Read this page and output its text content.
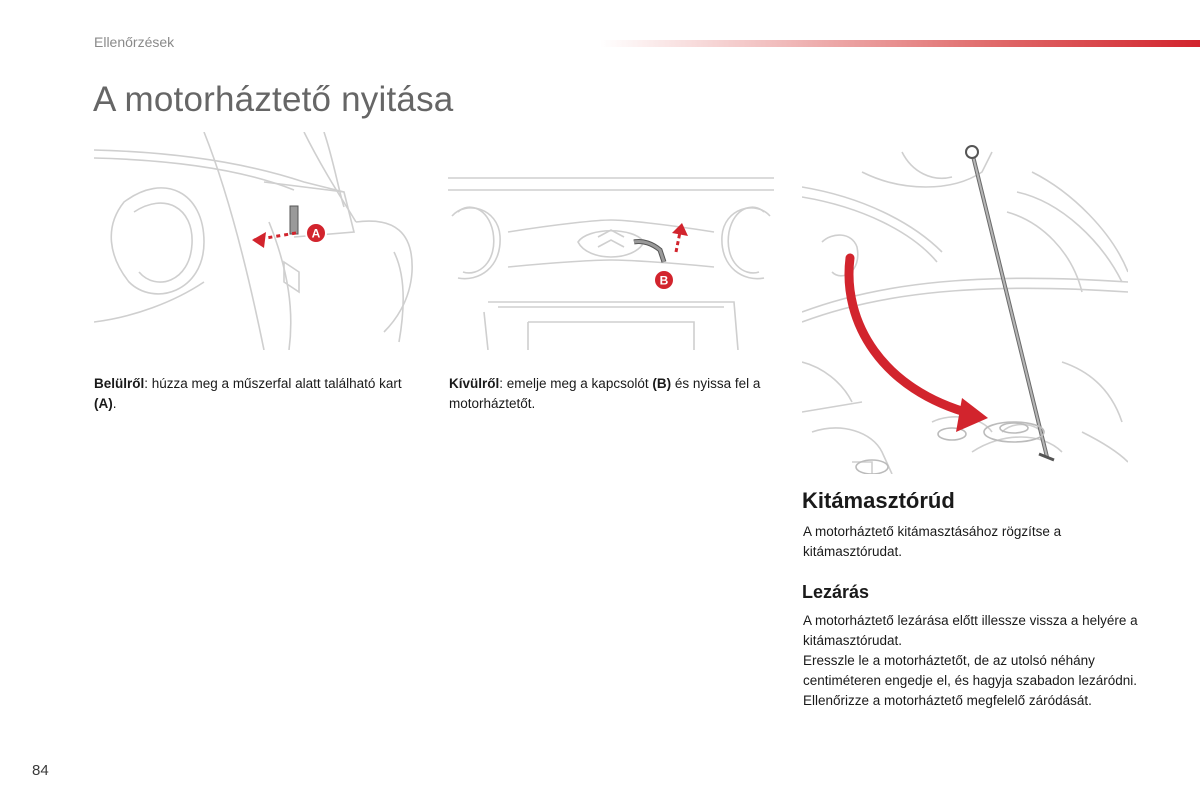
Ellenőrzések
A motorháztető nyitása
A
B
Belülről: húzza meg a műszerfal alatt található kart (A).
Kívülről: emelje meg a kapcsolót (B) és nyissa fel a motorháztetőt.
Kitámasztórúd

A motorháztető kitámasztásához rögzítse a kitámasztórudat.

Lezárás

A motorháztető lezárása előtt illessze vissza a helyére a kitámasztórudat.

Eresszle le a motorháztetőt, de az utolsó néhány centiméteren engedje el, és hagyja szabadon lezáródni. Ellenőrizze a motorháztető megfelelő záródását.

84
